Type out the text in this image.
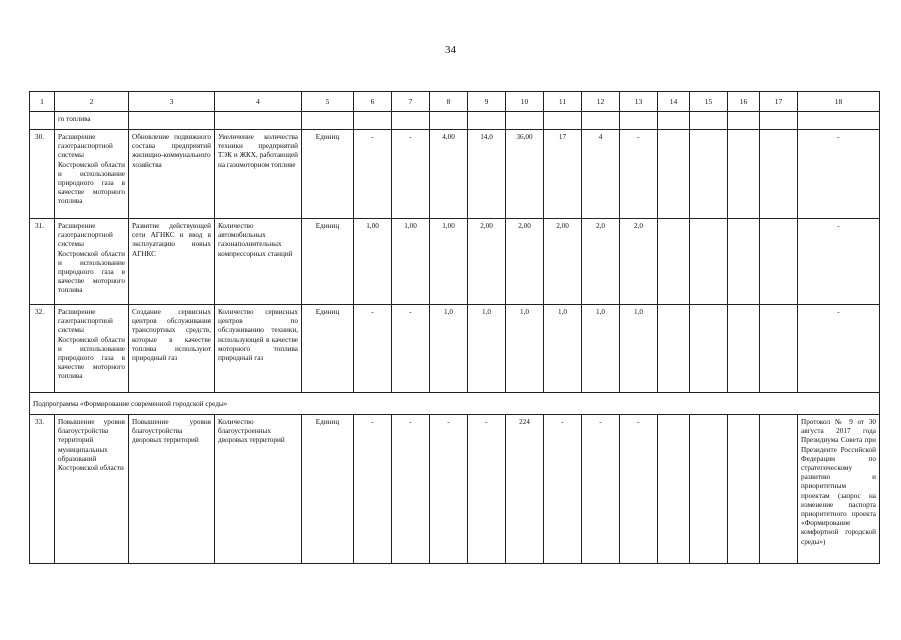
34
1	2	3	4	5	6	7	8	9	10	11	12	13	14	15	16	17	18
	го топлива																
30.	Расширение газотранспортной системы Костромской области и использование природного газа в качестве моторного топлива	Обновление подвижного состава предприятий жилищно-коммунального хозяйства	Увеличение количества техники предприятий ТЭК и ЖКХ, работающей на газомоторном топливе	Единиц	-	-	4,00	14,0	36,00	17	4	-					-
31.	Расширение газотранспортной системы Костромской области и использование природного газа в качестве моторного топлива	Развитие действующей сети АГНКС и ввод в эксплуатацию новых АГНКС	Количество автомобильных газонаполнительных компрессорных станций	Единиц	1,00	1,00	1,00	2,00	2,00	2,00	2,0	2,0					-
32.	Расширение газотранспортной системы Костромской области и использование природного газа в качестве моторного топлива	Создание сервисных центров обслуживания транспортных средств, которые в качестве топлива используют природный газ	Количество сервисных центров по обслуживанию техники, использующей в качестве моторного топлива природный газ	Единиц	-	-	1,0	1,0	1,0	1,0	1,0	1,0					-
Подпрограмма «Формирование современной городской среды»																	
33.	Повышение уровня благоустройства территорий муниципальных образований Костромской области	Повышение уровня благоустройства дворовых территорий	Количество благоустроенных дворовых территорий	Единиц	-	-	-	-	224	-	-	-					Протокол № 9 от 30 августа 2017 года Президиума Совета при Президенте Российской Федерации по стратегическому развитию и приоритетным проектам (запрос на изменение паспорта приоритетного проекта «Формирование комфортной городской среды»)
